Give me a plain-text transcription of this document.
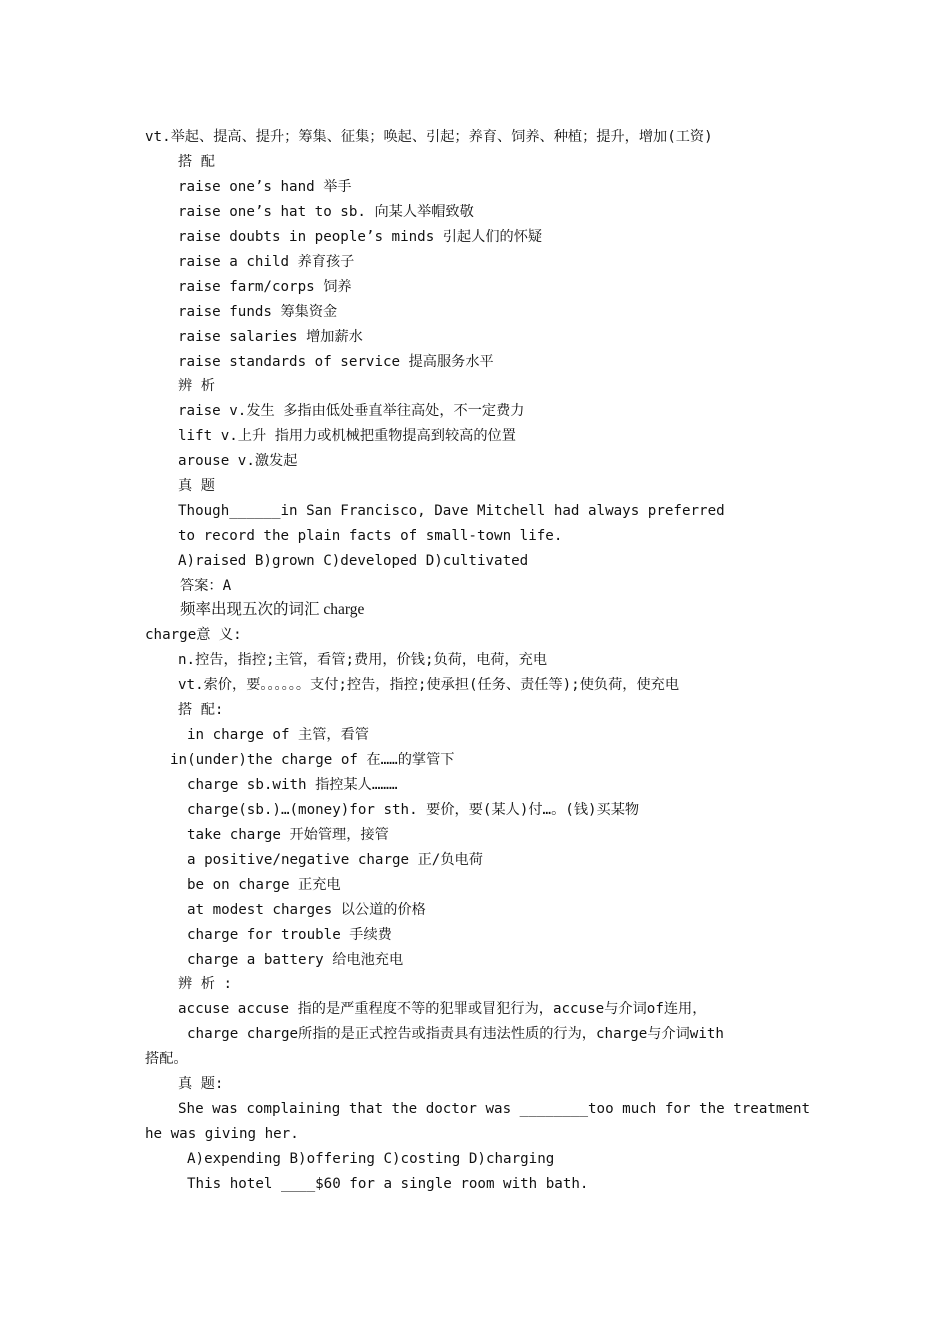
vt.举起、提高、提升；筹集、征集；唤起、引起；养育、饲养、种植；提升，增加(工资)
搭 配
raise one’s hand 举手
raise one’s hat to sb. 向某人举帽致敬
raise doubts in people’s minds 引起人们的怀疑
raise a child 养育孩子
raise farm/corps 饲养
raise funds 筹集资金
raise salaries 增加薪水
raise standards of service 提高服务水平
辨 析
raise v.发生 多指由低处垂直举往高处，不一定费力
lift v.上升 指用力或机械把重物提高到较高的位置
arouse v.激发起
真 题
Though______in San Francisco, Dave Mitchell had always preferred
to record the plain facts of small-town life.
A)raised B)grown C)developed D)cultivated
答案：A
频率出现五次的词汇 charge
charge意 义:
n.控告，指控;主管，看管;费用，价钱;负荷，电荷，充电
vt.索价，要。。。。。。支付;控告，指控;使承担(任务、责任等);使负荷，使充电
搭 配:
in charge of 主管，看管
in(under)the charge of 在……的掌管下
charge sb.with 指控某人………
charge(sb.)…(money)for sth. 要价，要(某人)付…。(钱)买某物
take charge 开始管理，接管
a positive/negative charge 正/负电荷
be on charge 正充电
at modest charges 以公道的价格
charge for trouble 手续费
charge a battery 给电池充电
辨 析 :
accuse accuse 指的是严重程度不等的犯罪或冒犯行为，accuse与介词of连用，
charge charge所指的是正式控告或指责具有违法性质的行为，charge与介词with
搭配。
真 题:
She was complaining that the doctor was ________too much for the treatment
he was giving her.
A)expending B)offering C)costing D)charging
This hotel ____$60 for a single room with bath.
